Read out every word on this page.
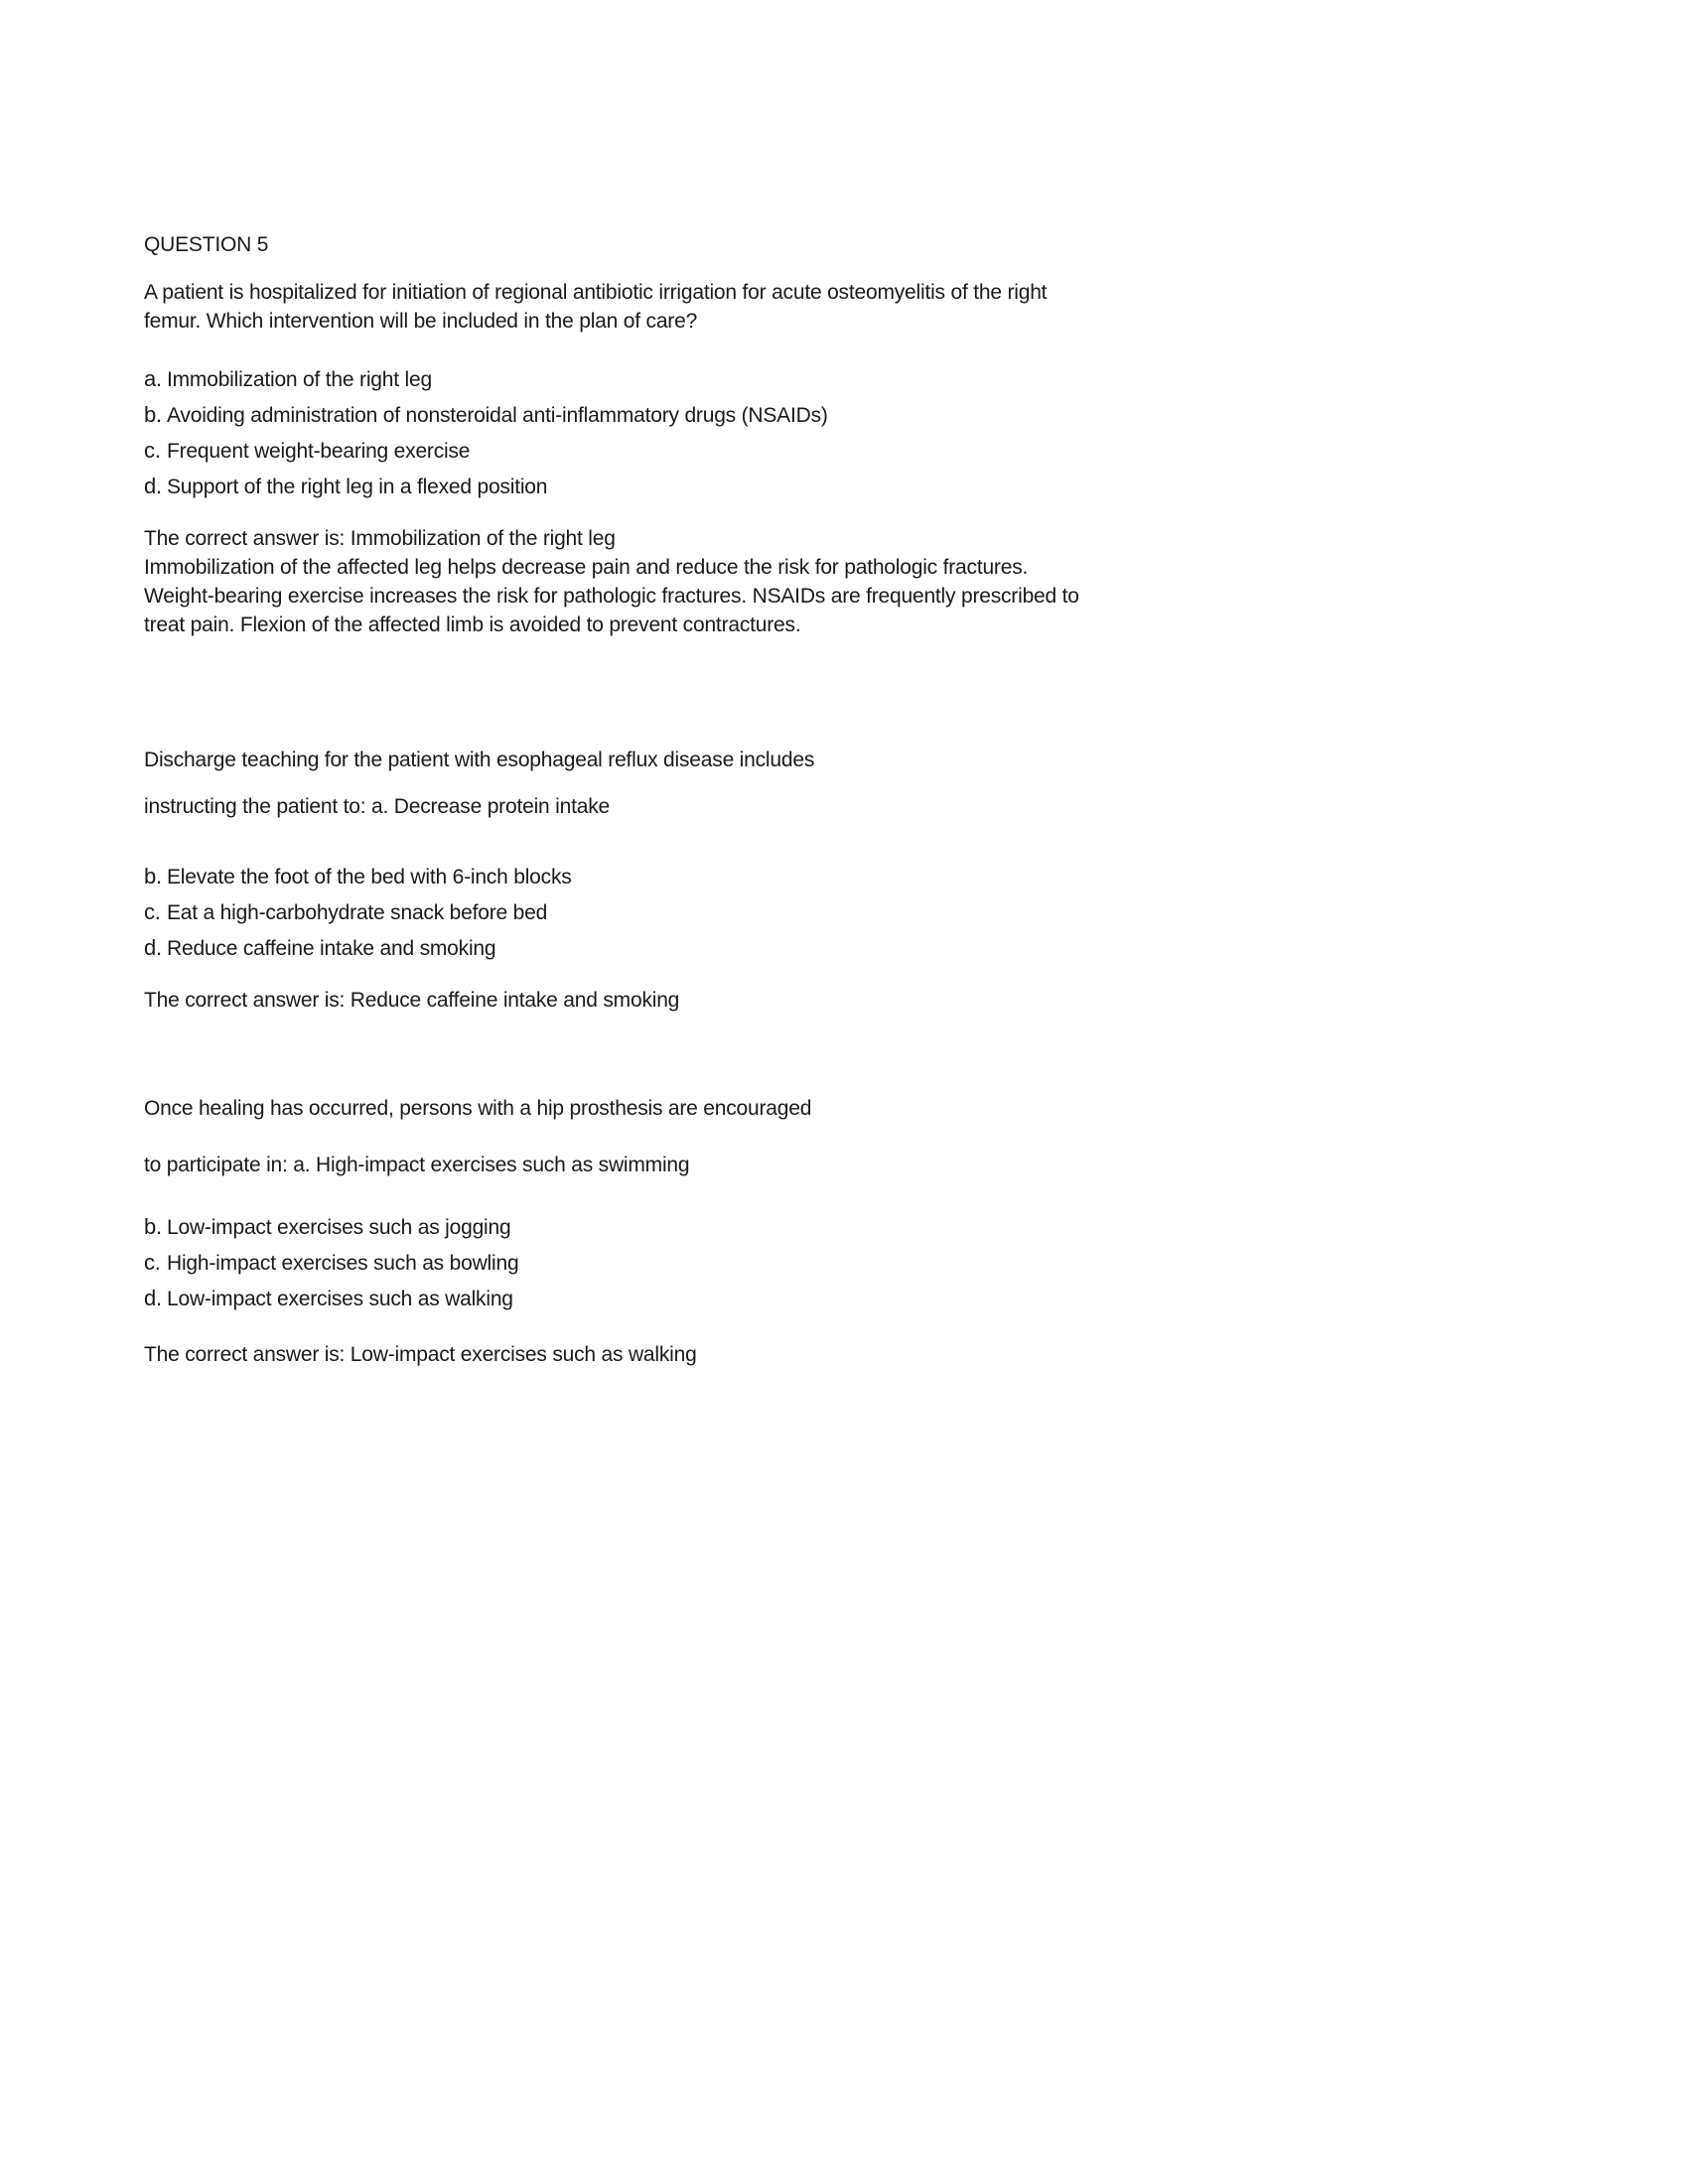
QUESTION 5
A patient is hospitalized for initiation of regional antibiotic irrigation for acute osteomyelitis of the right
femur. Which intervention will be included in the plan of care?
a. Immobilization of the right leg
b. Avoiding administration of nonsteroidal anti-inflammatory drugs (NSAIDs)
c. Frequent weight-bearing exercise
d. Support of the right leg in a flexed position
The correct answer is: Immobilization of the right leg
Immobilization of the affected leg helps decrease pain and reduce the risk for pathologic fractures.
Weight-bearing exercise increases the risk for pathologic fractures. NSAIDs are frequently prescribed to
treat pain. Flexion of the affected limb is avoided to prevent contractures.
Discharge teaching for the patient with esophageal reflux disease includes
instructing the patient to: a. Decrease protein intake
b. Elevate the foot of the bed with 6-inch blocks
c. Eat a high-carbohydrate snack before bed
d. Reduce caffeine intake and smoking
The correct answer is: Reduce caffeine intake and smoking
Once healing has occurred, persons with a hip prosthesis are encouraged
to participate in: a. High-impact exercises such as swimming
b. Low-impact exercises such as jogging
c. High-impact exercises such as bowling
d. Low-impact exercises such as walking
The correct answer is: Low-impact exercises such as walking
